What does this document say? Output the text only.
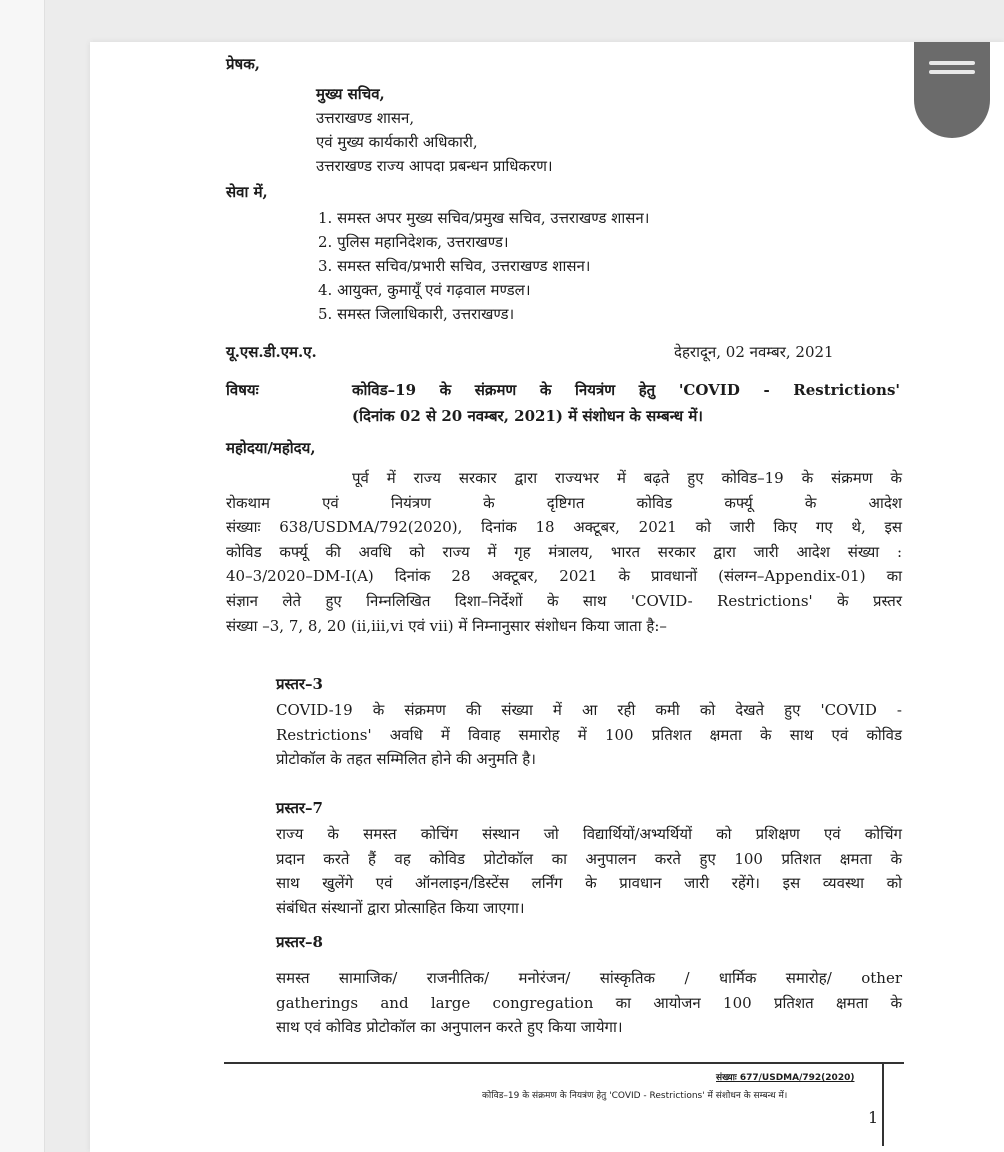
प्रेषक,
मुख्य सचिव,
उत्तराखण्ड शासन,
एवं मुख्य कार्यकारी अधिकारी,
उत्तराखण्ड राज्य आपदा प्रबन्धन प्राधिकरण।
सेवा में,
1. समस्त अपर मुख्य सचिव/प्रमुख सचिव, उत्तराखण्ड शासन।
2. पुलिस महानिदेशक, उत्तराखण्ड।
3. समस्त सचिव/प्रभारी सचिव, उत्तराखण्ड शासन।
4. आयुक्त, कुमायूँ एवं गढ़वाल मण्डल।
5. समस्त जिलाधिकारी, उत्तराखण्ड।
यू.एस.डी.एम.ए.	देहरादून, 02 नवम्बर, 2021
विषयः	कोविड–19 के संक्रमण के नियत्रंण हेतु 'COVID - Restrictions'
(दिनांक 02 से 20 नवम्बर, 2021) में संशोधन के सम्बन्ध में।
महोदया/महोदय,
पूर्व में राज्य सरकार द्वारा राज्यभर में बढ़ते हुए कोविड–19 के संक्रमण के
रोकथाम एवं नियंत्रण के दृष्टिगत कोविड कर्फ्यू के आदेश
संख्याः 638/USDMA/792(2020), दिनांक 18 अक्टूबर, 2021 को जारी किए गए थे, इस
कोविड कर्फ्यू की अवधि को राज्य में गृह मंत्रालय, भारत सरकार द्वारा जारी आदेश संख्या :
40–3/2020–DM-I(A) दिनांक 28 अक्टूबर, 2021 के प्रावधानों (संलग्न–Appendix-01) का
संज्ञान लेते हुए निम्नलिखित दिशा–निर्देशों के साथ 'COVID- Restrictions' के प्रस्तर
संख्या –3, 7, 8, 20 (ii,iii,vi एवं vii) में निम्नानुसार संशोधन किया जाता है:–
प्रस्तर–3
COVID-19 के संक्रमण की संख्या में आ रही कमी को देखते हुए 'COVID -
Restrictions' अवधि में विवाह समारोह में 100 प्रतिशत क्षमता के साथ एवं कोविड
प्रोटोकॉल के तहत सम्मिलित होने की अनुमति है।
प्रस्तर–7
राज्य के समस्त कोचिंग संस्थान जो विद्यार्थियों/अभ्यर्थियों को प्रशिक्षण एवं कोचिंग
प्रदान करते हैं वह कोविड प्रोटोकॉल का अनुपालन करते हुए 100 प्रतिशत क्षमता के
साथ खुलेंगे एवं ऑनलाइन/डिस्टेंस लर्निंग के प्रावधान जारी रहेंगे। इस व्यवस्था को
संबंधित संस्थानों द्वारा प्रोत्साहित किया जाएगा।
प्रस्तर–8
समस्त सामाजिक/ राजनीतिक/ मनोरंजन/ सांस्कृतिक / धार्मिक समारोह/ other
gatherings and large congregation का आयोजन 100 प्रतिशत क्षमता के
साथ एवं कोविड प्रोटोकॉल का अनुपालन करते हुए किया जायेगा।
संख्याः 677/USDMA/792(2020)
कोविड–19 के संक्रमण के नियत्रंण हेतु 'COVID - Restrictions' में संशोधन के सम्बन्ध में।
1
